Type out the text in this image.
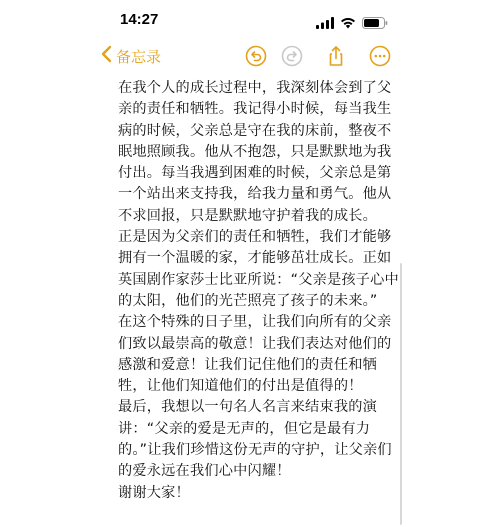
14:27
备忘录
在我个人的成长过程中，我深刻体会到了父
亲的责任和牺牲。我记得小时候，每当我生
病的时候，父亲总是守在我的床前，整夜不
眠地照顾我。他从不抱怨，只是默默地为我
付出。每当我遇到困难的时候，父亲总是第
一个站出来支持我，给我力量和勇气。他从
不求回报，只是默默地守护着我的成长。
正是因为父亲们的责任和牺牲，我们才能够
拥有一个温暖的家，才能够茁壮成长。正如
英国剧作家莎士比亚所说：“父亲是孩子心中
的太阳，他们的光芒照亮了孩子的未来。”
在这个特殊的日子里，让我们向所有的父亲
们致以最崇高的敬意！让我们表达对他们的
感激和爱意！让我们记住他们的责任和牺
牲，让他们知道他们的付出是值得的！
最后，我想以一句名人名言来结束我的演
讲：“父亲的爱是无声的，但它是最有力
的。”让我们珍惜这份无声的守护，让父亲们
的爱永远在我们心中闪耀！
谢谢大家！
